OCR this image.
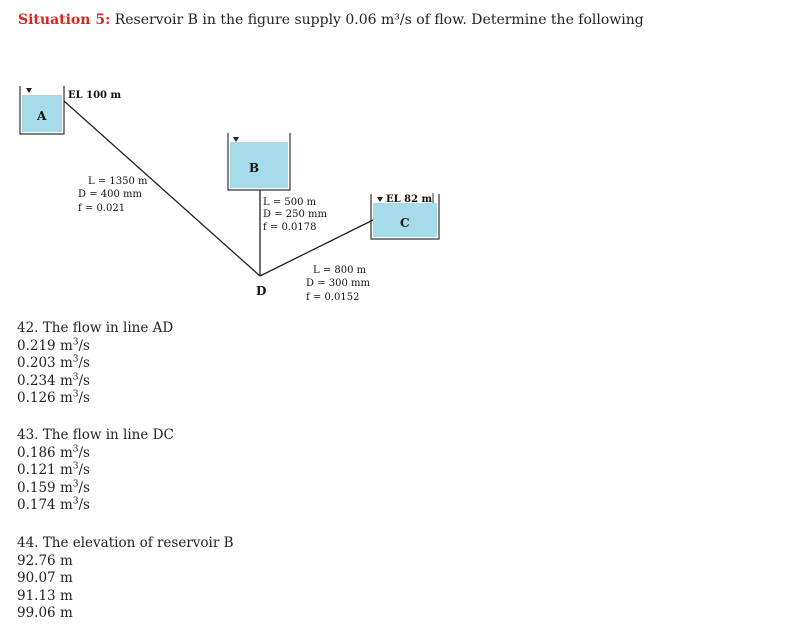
Situation 5: Reservoir B in the figure supply 0.06 m³/s of flow. Determine the following
A
EL 100 m
B
EL 82 m
C
D
L = 1350 m
D = 400 mm
f = 0.021
L = 500 m
D = 250 mm
f = 0.0178
L = 800 m
D = 300 mm
f = 0.0152
42. The flow in line AD
0.219 $m^3/s$
0.203 $m^3/s$
0.234 $m^3/s$
0.126 $m^3/s$
43. The flow in line DC
0.186 $m^3/s$
0.121 $m^3/s$
0.159 $m^3/s$
0.174 $m^3/s$
44. The elevation of reservoir B
92.76 m
90.07 m
91.13 m
99.06 m
